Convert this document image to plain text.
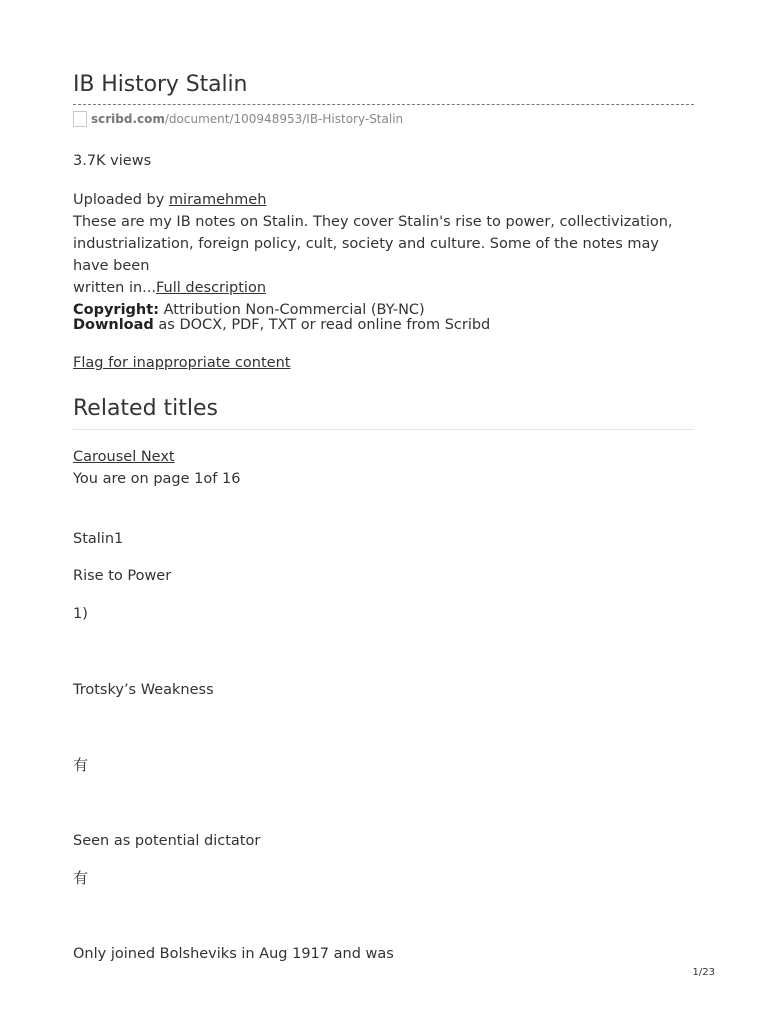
IB History Stalin
scribd.com /document/100948953/IB-History-Stalin
3.7K views
Uploaded by miramehmeh
These are my IB notes on Stalin. They cover Stalin's rise to power, collectivization,
industrialization, foreign policy, cult, society and culture. Some of the notes may have been
written in...Full description
Copyright: Attribution Non-Commercial (BY-NC)
Download as DOCX, PDF, TXT or read online from Scribd
Flag for inappropriate content
Related titles
Carousel Next
You are on page 1of 16
Stalin1
Rise to Power
1)
Trotsky’s Weakness
有
Seen as potential dictator
有
Only joined Bolsheviks in Aug 1917 and was
1/23
